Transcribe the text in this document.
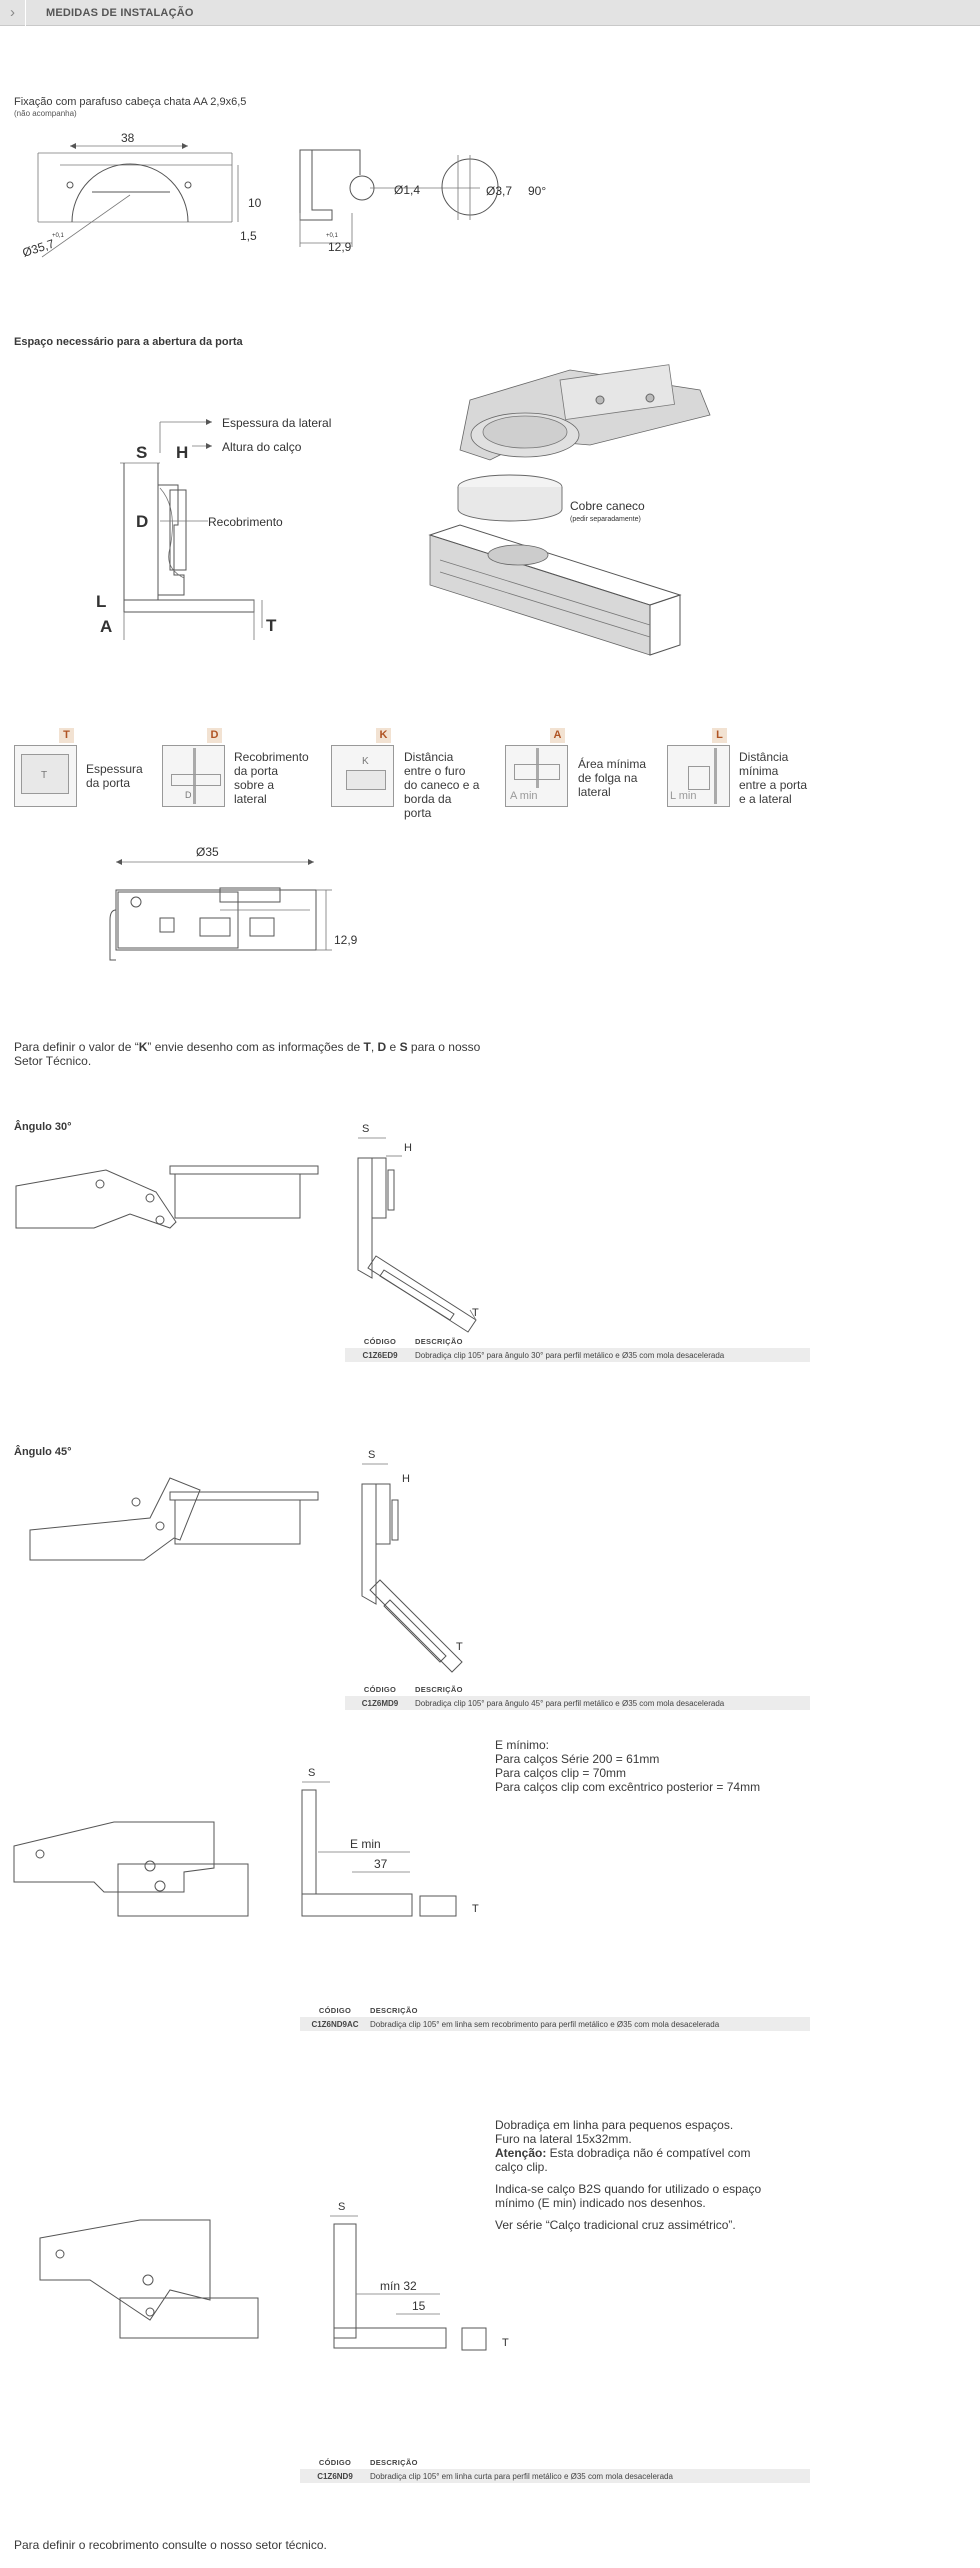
›	MEDIDAS DE INSTALAÇÃO
Fixação com parafuso cabeça chata AA 2,9x6,5
(não acompanha)
38
10
1,5
Ø35,7
+0,1	+0,1
12,9
Ø1,4	Ø3,7 90°
Espaço necessário para a abertura da porta
Espessura da lateral
Altura do calço
S H
D	Recobrimento
L
A	T
Cobre caneco
(pedir separadamente)
T
T	Espessura da porta
D
D
Recobrimento da porta sobre a lateral
K
K	Distância entre o furo do caneco e a borda da porta
A
A min
Área mínima de folga na lateral
L
L min
Distância mínima entre a porta e a lateral
Ø35
12,9
Para definir o valor de “K” envie desenho com as informações de T, D e S para o nosso Setor Técnico.
Ângulo 30°	S
H
T
CÓDIGO	DESCRIÇÃO
C1Z6ED9	Dobradiça clip 105° para ângulo 30° para perfil metálico e Ø35 com mola desacelerada
Ângulo 45°	S
H
T
CÓDIGO	DESCRIÇÃO
C1Z6MD9	Dobradiça clip 105° para ângulo 45° para perfil metálico e Ø35 com mola desacelerada
E mínimo:
Para calços Série 200 = 61mm
Para calços clip = 70mm
Para calços clip com excêntrico posterior = 74mm
S
E min
37
T
CÓDIGO	DESCRIÇÃO
C1Z6ND9AC	Dobradiça clip 105° em linha sem recobrimento para perfil metálico e Ø35 com mola desacelerada
Dobradiça em linha para pequenos espaços.
Furo na lateral 15x32mm.
Atenção: Esta dobradiça não é compatível com
calço clip.
Indica-se calço B2S quando for utilizado o espaço
mínimo (E min) indicado nos desenhos.
Ver série “Calço tradicional cruz assimétrico”.
S
mín 32
15
T
CÓDIGO	DESCRIÇÃO
C1Z6ND9	Dobradiça clip 105° em linha curta para perfil metálico e Ø35 com mola desacelerada
Para definir o recobrimento consulte o nosso setor técnico.
